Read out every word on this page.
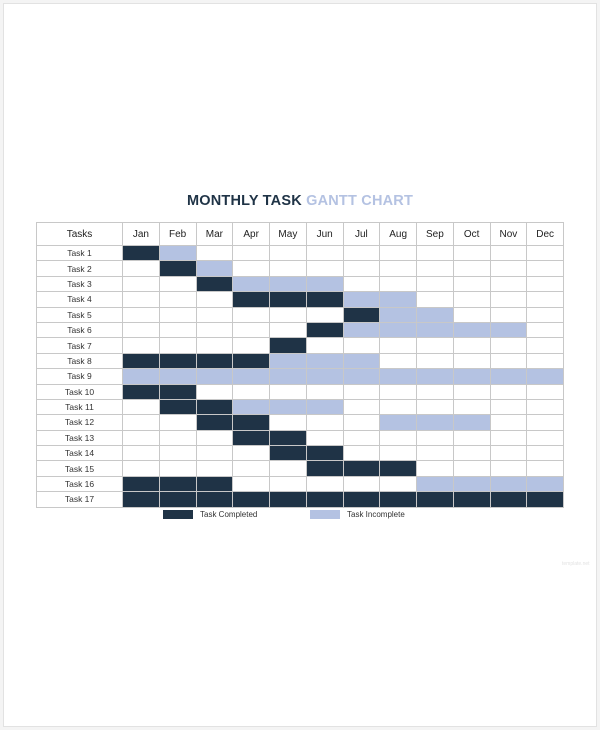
MONTHLY TASK GANTT CHART
Tasks	Jan	Feb	Mar	Apr	May	Jun	Jul	Aug	Sep	Oct	Nov	Dec
Task 1												
Task 2												
Task 3												
Task 4												
Task 5												
Task 6												
Task 7												
Task 8												
Task 9												
Task 10												
Task 11												
Task 12												
Task 13												
Task 14												
Task 15												
Task 16												
Task 17												
Task Completed	Task Incomplete
template.net
